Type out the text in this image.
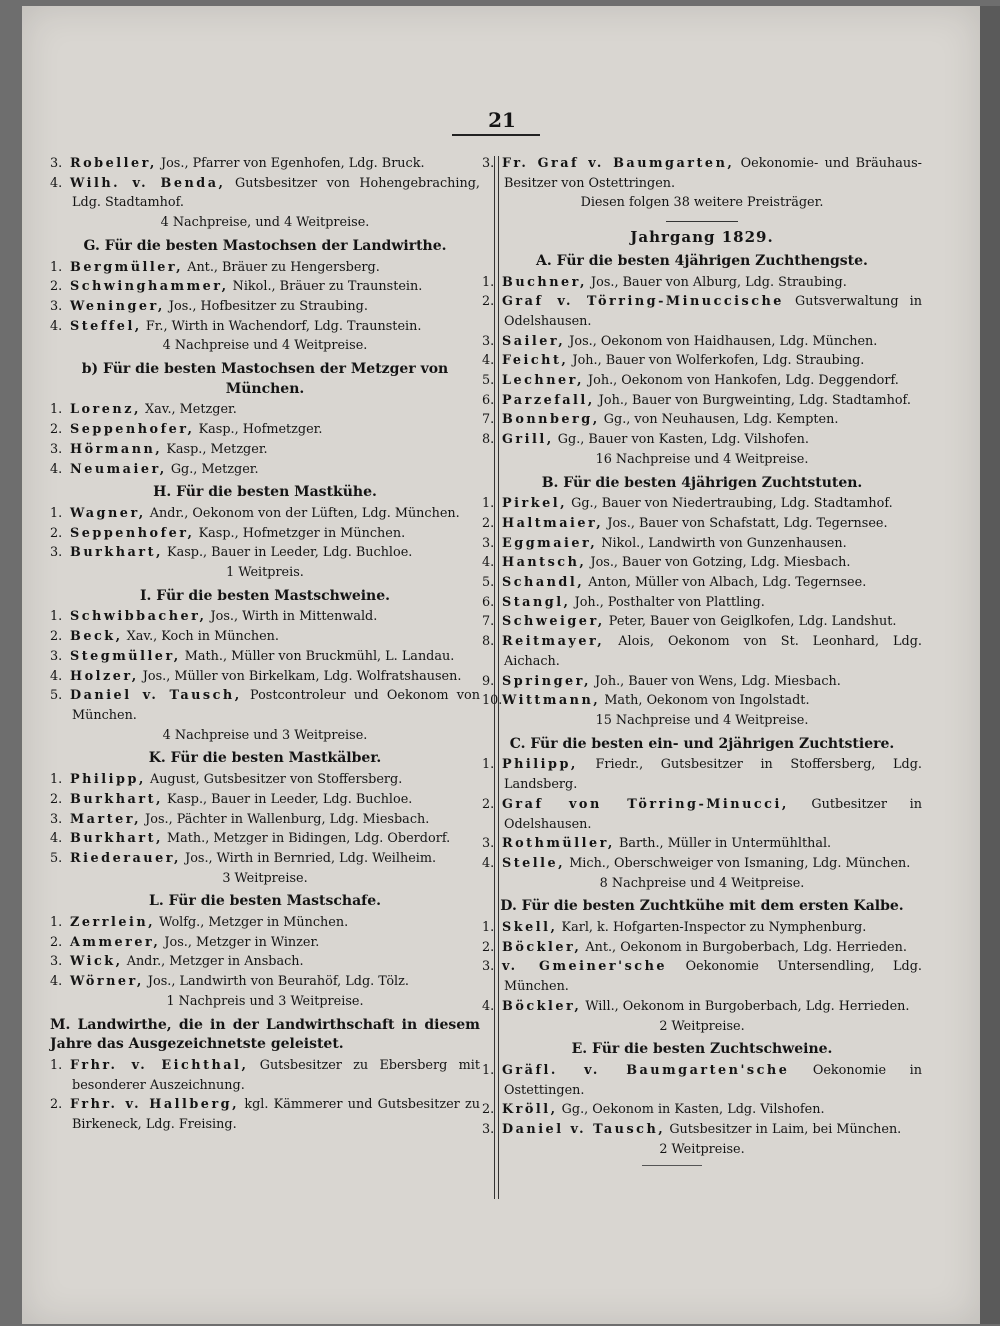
21

3. Robeller, Jos., Pfarrer von Egenhofen, Ldg. Bruck.

4. Wilh. v. Benda, Gutsbesitzer von Hohengebraching, Ldg. Stadtamhof.

4 Nachpreise, und 4 Weitpreise.

G. Für die besten Mastochsen der Landwirthe.

1. Bergmüller, Ant., Bräuer zu Hengersberg.

2. Schwinghammer, Nikol., Bräuer zu Traunstein.

3. Weninger, Jos., Hofbesitzer zu Straubing.

4. Steffel, Fr., Wirth in Wachendorf, Ldg. Traunstein.

4 Nachpreise und 4 Weitpreise.

b) Für die besten Mastochsen der Metzger von München.

1. Lorenz, Xav., Metzger.

2. Seppenhofer, Kasp., Hofmetzger.

3. Hörmann, Kasp., Metzger.

4. Neumaier, Gg., Metzger.

H. Für die besten Mastkühe.

1. Wagner, Andr., Oekonom von der Lüften, Ldg. München.

2. Seppenhofer, Kasp., Hofmetzger in München.

3. Burkhart, Kasp., Bauer in Leeder, Ldg. Buchloe.

1 Weitpreis.

I. Für die besten Mastschweine.

1. Schwibbacher, Jos., Wirth in Mittenwald.

2. Beck, Xav., Koch in München.

3. Stegmüller, Math., Müller von Bruckmühl, L. Landau.

4. Holzer, Jos., Müller von Birkelkam, Ldg. Wolfratshausen.

5. Daniel v. Tausch, Postcontroleur und Oekonom von München.

4 Nachpreise und 3 Weitpreise.

K. Für die besten Mastkälber.

1. Philipp, August, Gutsbesitzer von Stoffersberg.

2. Burkhart, Kasp., Bauer in Leeder, Ldg. Buchloe.

3. Marter, Jos., Pächter in Wallenburg, Ldg. Miesbach.

4. Burkhart, Math., Metzger in Bidingen, Ldg. Oberdorf.

5. Riederauer, Jos., Wirth in Bernried, Ldg. Weilheim.

3 Weitpreise.

L. Für die besten Mastschafe.

1. Zerrlein, Wolfg., Metzger in München.

2. Ammerer, Jos., Metzger in Winzer.

3. Wick, Andr., Metzger in Ansbach.

4. Wörner, Jos., Landwirth von Beurahöf, Ldg. Tölz.

1 Nachpreis und 3 Weitpreise.

M. Landwirthe, die in der Landwirthschaft in diesem Jahre das Ausgezeichnetste geleistet.

1. Frhr. v. Eichthal, Gutsbesitzer zu Ebersberg mit besonderer Auszeichnung.

2. Frhr. v. Hallberg, kgl. Kämmerer und Gutsbesitzer zu Birkeneck, Ldg. Freising.

3. Fr. Graf v. Baumgarten, Oekonomie- und Bräuhaus-Besitzer von Ostettringen.

Diesen folgen 38 weitere Preisträger.

Jahrgang 1829.

A. Für die besten 4jährigen Zuchthengste.

1. Buchner, Jos., Bauer von Alburg, Ldg. Straubing.

2. Graf v. Törring-Minuccische Gutsverwaltung in Odelshausen.

3. Sailer, Jos., Oekonom von Haidhausen, Ldg. München.

4. Feicht, Joh., Bauer von Wolferkofen, Ldg. Straubing.

5. Lechner, Joh., Oekonom von Hankofen, Ldg. Deggendorf.

6. Parzefall, Joh., Bauer von Burgweinting, Ldg. Stadtamhof.

7. Bonnberg, Gg., von Neuhausen, Ldg. Kempten.

8. Grill, Gg., Bauer von Kasten, Ldg. Vilshofen.

16 Nachpreise und 4 Weitpreise.

B. Für die besten 4jährigen Zuchtstuten.

1. Pirkel, Gg., Bauer von Niedertraubing, Ldg. Stadtamhof.

2. Haltmaier, Jos., Bauer von Schafstatt, Ldg. Tegernsee.

3. Eggmaier, Nikol., Landwirth von Gunzenhausen.

4. Hantsch, Jos., Bauer von Gotzing, Ldg. Miesbach.

5. Schandl, Anton, Müller von Albach, Ldg. Tegernsee.

6. Stangl, Joh., Posthalter von Plattling.

7. Schweiger, Peter, Bauer von Geiglkofen, Ldg. Landshut.

8. Reitmayer, Alois, Oekonom von St. Leonhard, Ldg. Aichach.

9. Springer, Joh., Bauer von Wens, Ldg. Miesbach.

10.Wittmann, Math, Oekonom von Ingolstadt.

15 Nachpreise und 4 Weitpreise.

C. Für die besten ein- und 2jährigen Zuchtstiere.

1. Philipp, Friedr., Gutsbesitzer in Stoffersberg, Ldg. Landsberg.

2. Graf von Törring-Minucci, Gutbesitzer in Odelshausen.

3. Rothmüller, Barth., Müller in Untermühlthal.

4. Stelle, Mich., Oberschweiger von Ismaning, Ldg. München.

8 Nachpreise und 4 Weitpreise.

D. Für die besten Zuchtkühe mit dem ersten Kalbe.

1. Skell, Karl, k. Hofgarten-Inspector zu Nymphenburg.

2. Böckler, Ant., Oekonom in Burgoberbach, Ldg. Herrieden.

3. v. Gmeiner'sche Oekonomie Untersendling, Ldg. München.

4. Böckler, Will., Oekonom in Burgoberbach, Ldg. Herrieden.

2 Weitpreise.

E. Für die besten Zuchtschweine.

1. Gräfl. v. Baumgarten'sche Oekonomie in Ostettingen.

2. Kröll, Gg., Oekonom in Kasten, Ldg. Vilshofen.

3. Daniel v. Tausch, Gutsbesitzer in Laim, bei München.

2 Weitpreise.
